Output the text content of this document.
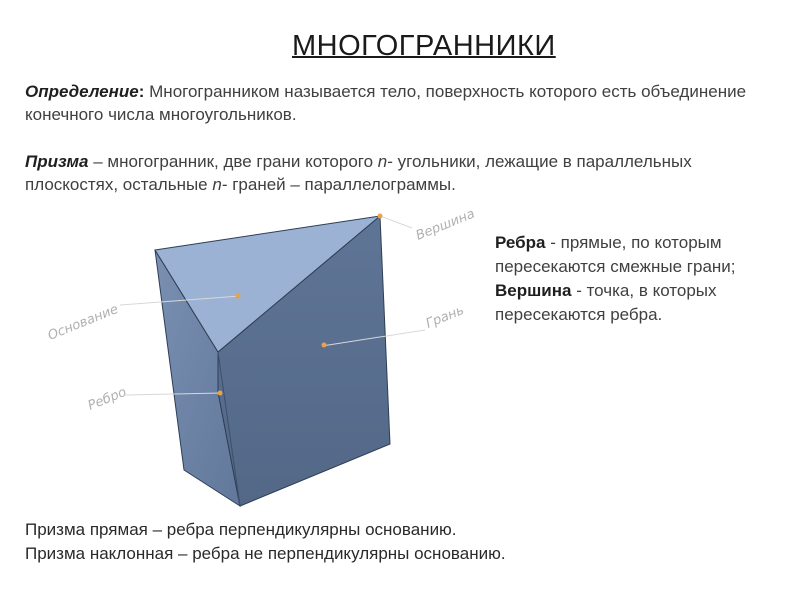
МНОГОГРАННИКИ
Определение: Многогранником называется тело, поверхность которого есть объединение конечного числа многоугольников.
Призма – многогранник, две грани которого n- угольники, лежащие в параллельных плоскостях, остальные n- граней – параллелограммы.
Вершина
Основание	Грань
Ребро
Ребра - прямые, по которым пересекаются смежные грани;
Вершина - точка, в которых пересекаются ребра.
Призма прямая – ребра перпендикулярны основанию.
Призма наклонная – ребра не перпендикулярны основанию.
